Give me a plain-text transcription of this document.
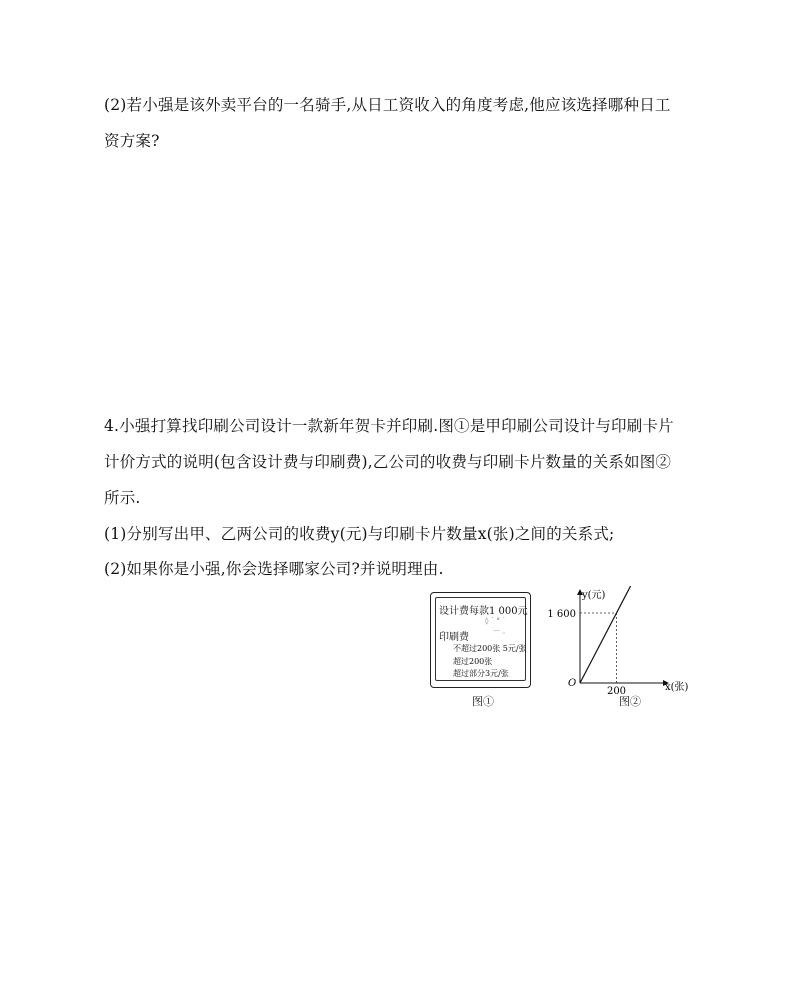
(2)若小强是该外卖平台的一名骑手,从日工资收入的角度考虑,他应该选择哪种日工
资方案?
4.小强打算找印刷公司设计一款新年贺卡并印刷.图①是甲印刷公司设计与印刷卡片
计价方式的说明(包含设计费与印刷费),乙公司的收费与印刷卡片数量的关系如图②
所示.
(1)分别写出甲、乙两公司的收费y(元)与印刷卡片数量x(张)之间的关系式;
(2)如果你是小强,你会选择哪家公司?并说明理由.
设计费每款1 000元
◊ ˙ ° ˙
印刷费	⌒ ᵕ
不超过200张 5元/张
超过200张
超过部分3元/张
图①
y(元)
x(张)
O
1 600
200
图②
